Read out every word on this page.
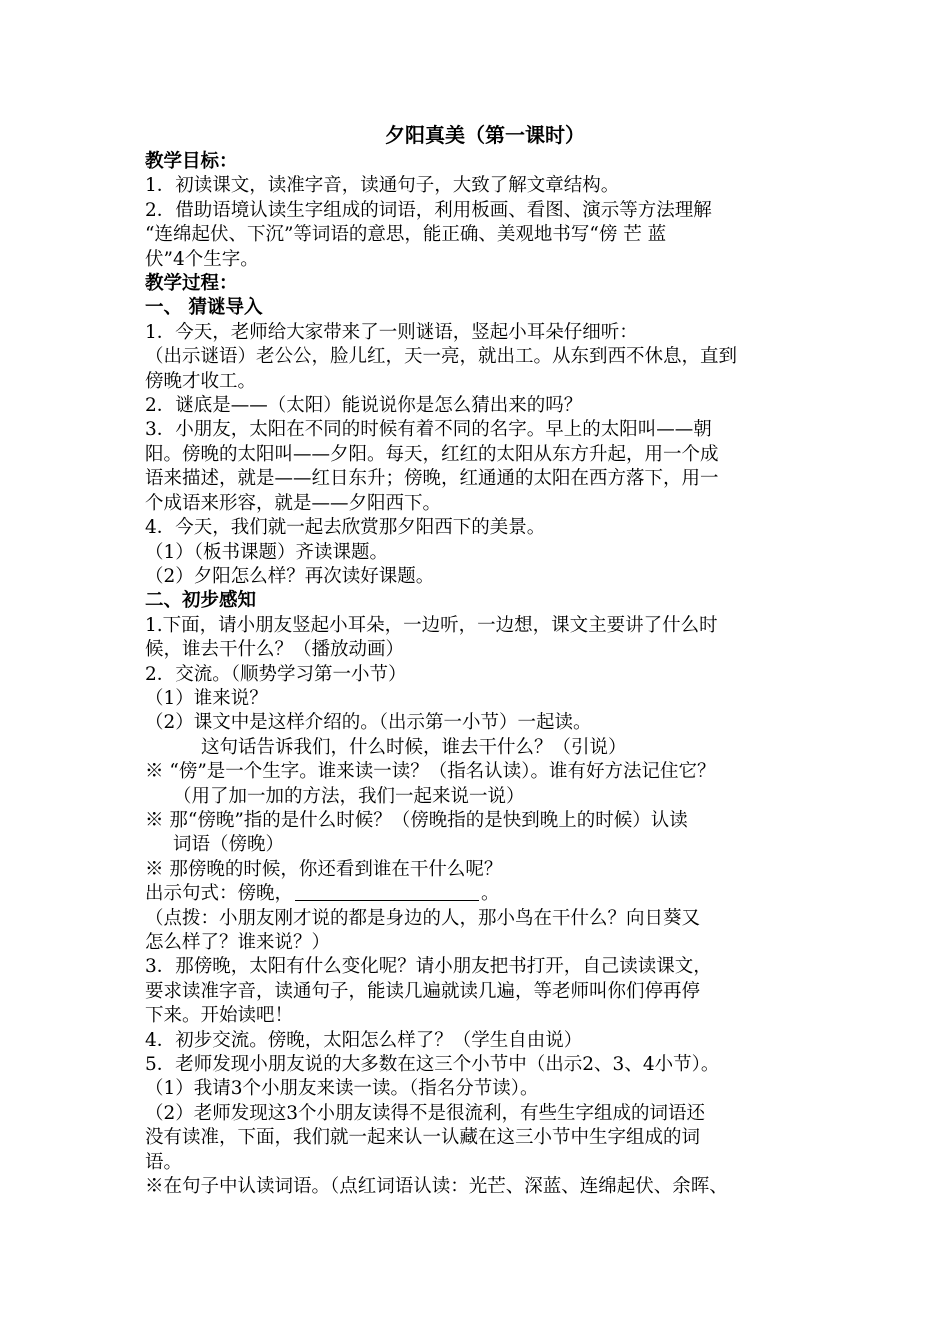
夕阳真美（第一课时）
教学目标：
1．初读课文，读准字音，读通句子，大致了解文章结构。
2．借助语境认读生字组成的词语，利用板画、看图、演示等方法理解
“连绵起伏、下沉”等词语的意思，能正确、美观地书写“傍 芒 蓝
伏”4个生字。
教学过程：
一、 猜谜导入
1．今天，老师给大家带来了一则谜语，竖起小耳朵仔细听：
（出示谜语）老公公，脸儿红，天一亮，就出工。从东到西不休息，直到
傍晚才收工。
2．谜底是——（太阳）能说说你是怎么猜出来的吗？
3．小朋友，太阳在不同的时候有着不同的名字。早上的太阳叫——朝
阳。傍晚的太阳叫——夕阳。每天，红红的太阳从东方升起，用一个成
语来描述，就是——红日东升；傍晚，红通通的太阳在西方落下，用一
个成语来形容，就是——夕阳西下。
4．今天，我们就一起去欣赏那夕阳西下的美景。
（1）（板书课题）齐读课题。
（2）夕阳怎么样？再次读好课题。
二、初步感知
1.下面，请小朋友竖起小耳朵，一边听，一边想，课文主要讲了什么时
候，谁去干什么？（播放动画）
2．交流。（顺势学习第一小节）
（1）谁来说？
（2）课文中是这样介绍的。（出示第一小节）一起读。
这句话告诉我们，什么时候，谁去干什么？（引说）
※ “傍”是一个生字。谁来读一读？（指名认读）。谁有好方法记住它？
（用了加一加的方法，我们一起来说一说）
※ 那“傍晚”指的是什么时候？（傍晚指的是快到晚上的时候）认读
词语（傍晚）
※ 那傍晚的时候，你还看到谁在干什么呢？
出示句式：傍晚，	。
（点拨：小朋友刚才说的都是身边的人，那小鸟在干什么？向日葵又
怎么样了？谁来说？）
3．那傍晚，太阳有什么变化呢？请小朋友把书打开，自己读读课文，
要求读准字音，读通句子，能读几遍就读几遍，等老师叫你们停再停
下来。开始读吧！
4．初步交流。傍晚，太阳怎么样了？（学生自由说）
5．老师发现小朋友说的大多数在这三个小节中（出示2、3、4小节）。
（1）我请3个小朋友来读一读。（指名分节读）。
（2）老师发现这3个小朋友读得不是很流利，有些生字组成的词语还
没有读准，下面，我们就一起来认一认藏在这三小节中生字组成的词
语。
※在句子中认读词语。（点红词语认读：光芒、深蓝、连绵起伏、余晖、
